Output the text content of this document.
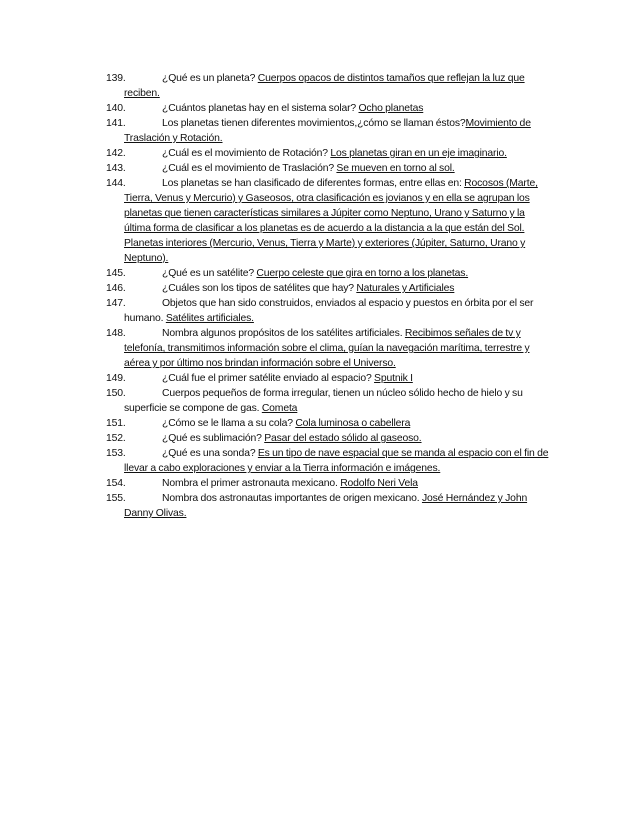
139.	¿Qué es un planeta? Cuerpos opacos de distintos tamaños que reflejan la luz que reciben.
140.	¿Cuántos planetas hay en el sistema solar? Ocho planetas
141.	Los planetas tienen diferentes movimientos,¿cómo se llaman éstos?Movimiento de Traslación y Rotación.
142.	¿Cuál es el movimiento de Rotación? Los planetas giran en un eje imaginario.
143.	¿Cuál es el movimiento de Traslación? Se mueven en torno al sol.
144.	Los planetas se han clasificado de diferentes formas, entre ellas en: Rocosos (Marte, Tierra, Venus y Mercurio) y Gaseosos, otra clasificación es jovianos y en ella se agrupan los planetas que tienen características similares a Júpiter como Neptuno, Urano y Saturno y la última forma de clasificar a los planetas es de acuerdo a la distancia a la que están del Sol. Planetas interiores (Mercurio, Venus, Tierra y Marte) y exteriores (Júpiter, Saturno, Urano y Neptuno).
145.	¿Qué es un satélite? Cuerpo celeste que gira en torno a los planetas.
146.	¿Cuáles son los tipos de satélites que hay? Naturales y Artificiales
147.	Objetos que han sido construidos, enviados al espacio y puestos en órbita por el ser humano. Satélites artificiales.
148.	Nombra algunos propósitos de los satélites artificiales. Recibimos señales de tv y telefonía, transmitimos información sobre el clima, guían la navegación marítima, terrestre y aérea y por último nos brindan información sobre el Universo.
149.	¿Cuál fue el primer satélite enviado al espacio? Sputnik I
150.	Cuerpos pequeños de forma irregular, tienen un núcleo sólido hecho de hielo y su superficie se compone de gas. Cometa
151.	¿Cómo se le llama a su cola? Cola luminosa o cabellera
152.	¿Qué es sublimación? Pasar del estado sólido al gaseoso.
153.	¿Qué es una sonda? Es un tipo de nave espacial que se manda al espacio con el fin de llevar a cabo exploraciones y enviar a la Tierra información e imágenes.
154.	Nombra el primer astronauta mexicano. Rodolfo Neri Vela
155.	Nombra dos astronautas importantes de origen mexicano. José Hernández y John Danny Olivas.
